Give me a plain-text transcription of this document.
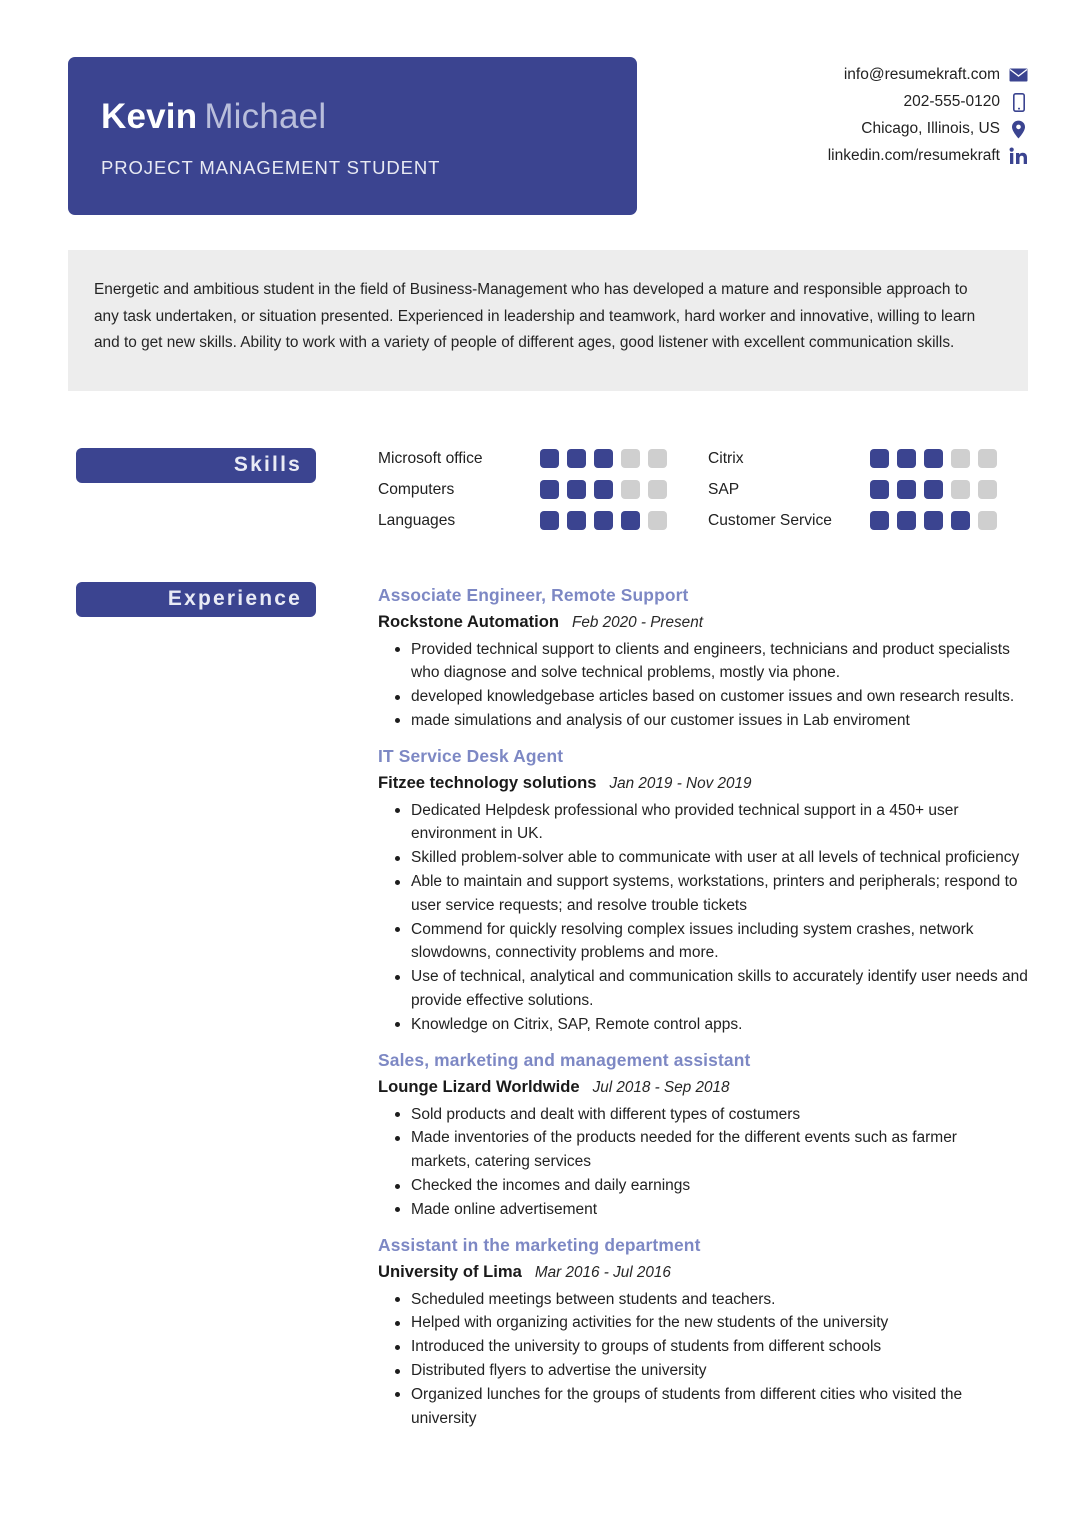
Kevin Michael
PROJECT MANAGEMENT STUDENT
info@resumekraft.com
202-555-0120
Chicago, Illinois, US
linkedin.com/resumekraft
Energetic and ambitious student in the field of Business-Management who has developed a mature and responsible approach to any task undertaken, or situation presented. Experienced in leadership and teamwork, hard worker and innovative, willing to learn and to get new skills. Ability to work with a variety of people of different ages, good listener with excellent communication skills.
Skills	Microsoft office	Citrix
Computers	SAP
Languages	Customer Service
Experience	Associate Engineer, Remote Support
Rockstone Automation Feb 2020 - Present
Provided technical support to clients and engineers, technicians and product specialists who diagnose and solve technical problems, mostly via phone.
developed knowledgebase articles based on customer issues and own research results.
made simulations and analysis of our customer issues in Lab enviroment
IT Service Desk Agent
Fitzee technology solutions Jan 2019 - Nov 2019
Dedicated Helpdesk professional who provided technical support in a 450+ user environment in UK.
Skilled problem-solver able to communicate with user at all levels of technical proficiency
Able to maintain and support systems, workstations, printers and peripherals; respond to user service requests; and resolve trouble tickets
Commend for quickly resolving complex issues including system crashes, network slowdowns, connectivity problems and more.
Use of technical, analytical and communication skills to accurately identify user needs and provide effective solutions.
Knowledge on Citrix, SAP, Remote control apps.
Sales, marketing and management assistant
Lounge Lizard Worldwide Jul 2018 - Sep 2018
Sold products and dealt with different types of costumers
Made inventories of the products needed for the different events such as farmer markets, catering services
Checked the incomes and daily earnings
Made online advertisement
Assistant in the marketing department
University of Lima Mar 2016 - Jul 2016
Scheduled meetings between students and teachers.
Helped with organizing activities for the new students of the university
Introduced the university to groups of students from different schools
Distributed flyers to advertise the university
Organized lunches for the groups of students from different cities who visited the university
